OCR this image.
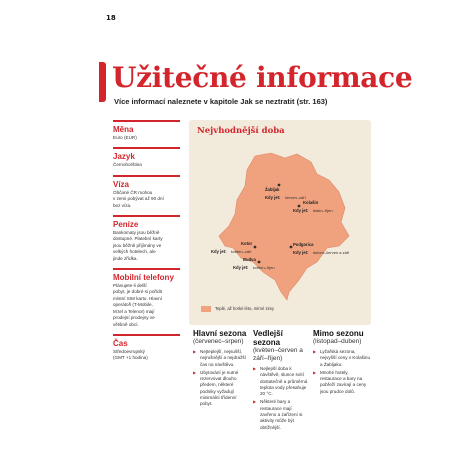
18
Užitečné informace
Více informací naleznete v kapitole Jak se neztratit (str. 163)
Měna
Euro (EUR)
Jazyk
Černohorština
Víza
Občané ČR mohou
v zemi pobývat až 90 dní
bez víza.
Peníze
Bankomaty jsou běžně
dostupné. Platební karty
jsou běžně přijímány ve
velkých hotelech, ale
jinde zřídka.
Mobilní telefony
Plánujete-li delší
pobyt, je dobré si pořídit
místní SIM kartu. Hlavní
operátoři (T-Mobile,
M:tel a Telenor) mají
prodejní prodejny ve
většině obcí.
Čas
Středoevropský
(GMT +1 hodina)
Nejvhodnější doba
Žabljak
Kdy jet: červen–září
Kolašin
Kdy jet: leden–říjen
Kotor
Kdy jet: květen–září
Budva
Kdy jet: květen–říjen
Podgorica
Kdy jet: duben–červen a září
Teplé, až horké léto, mírné zimy
Hlavní sezona
(červenec–srpen)
▶ Nejteplejší, nejsušší, nejrušnější a nejdražší čas na návštěvu.
▶ Ubytování je nutné rezervovat dlouho předem, některé podniky vyžadují minimální třídenní pobyt.
Vedlejší sezona
(květen–červen a září–říjen)
▶ Nejlepší doba k návštěvě, slunce svítí dostatečně a průměrná teplota vody přesahuje 20 °C.
▶ Některé bary a restaurace mají zavřeno a zařízení si aktivity může být obtížnější.
Mimo sezonu
(listopad–duben)
▶ Lyžařská sezona, nejvyšší ceny v Kolašinu a Žabljaku.
▶ Mnohé hotely, restaurace a bary na pobřeží zavírají a ceny jsou prudce dolů.
